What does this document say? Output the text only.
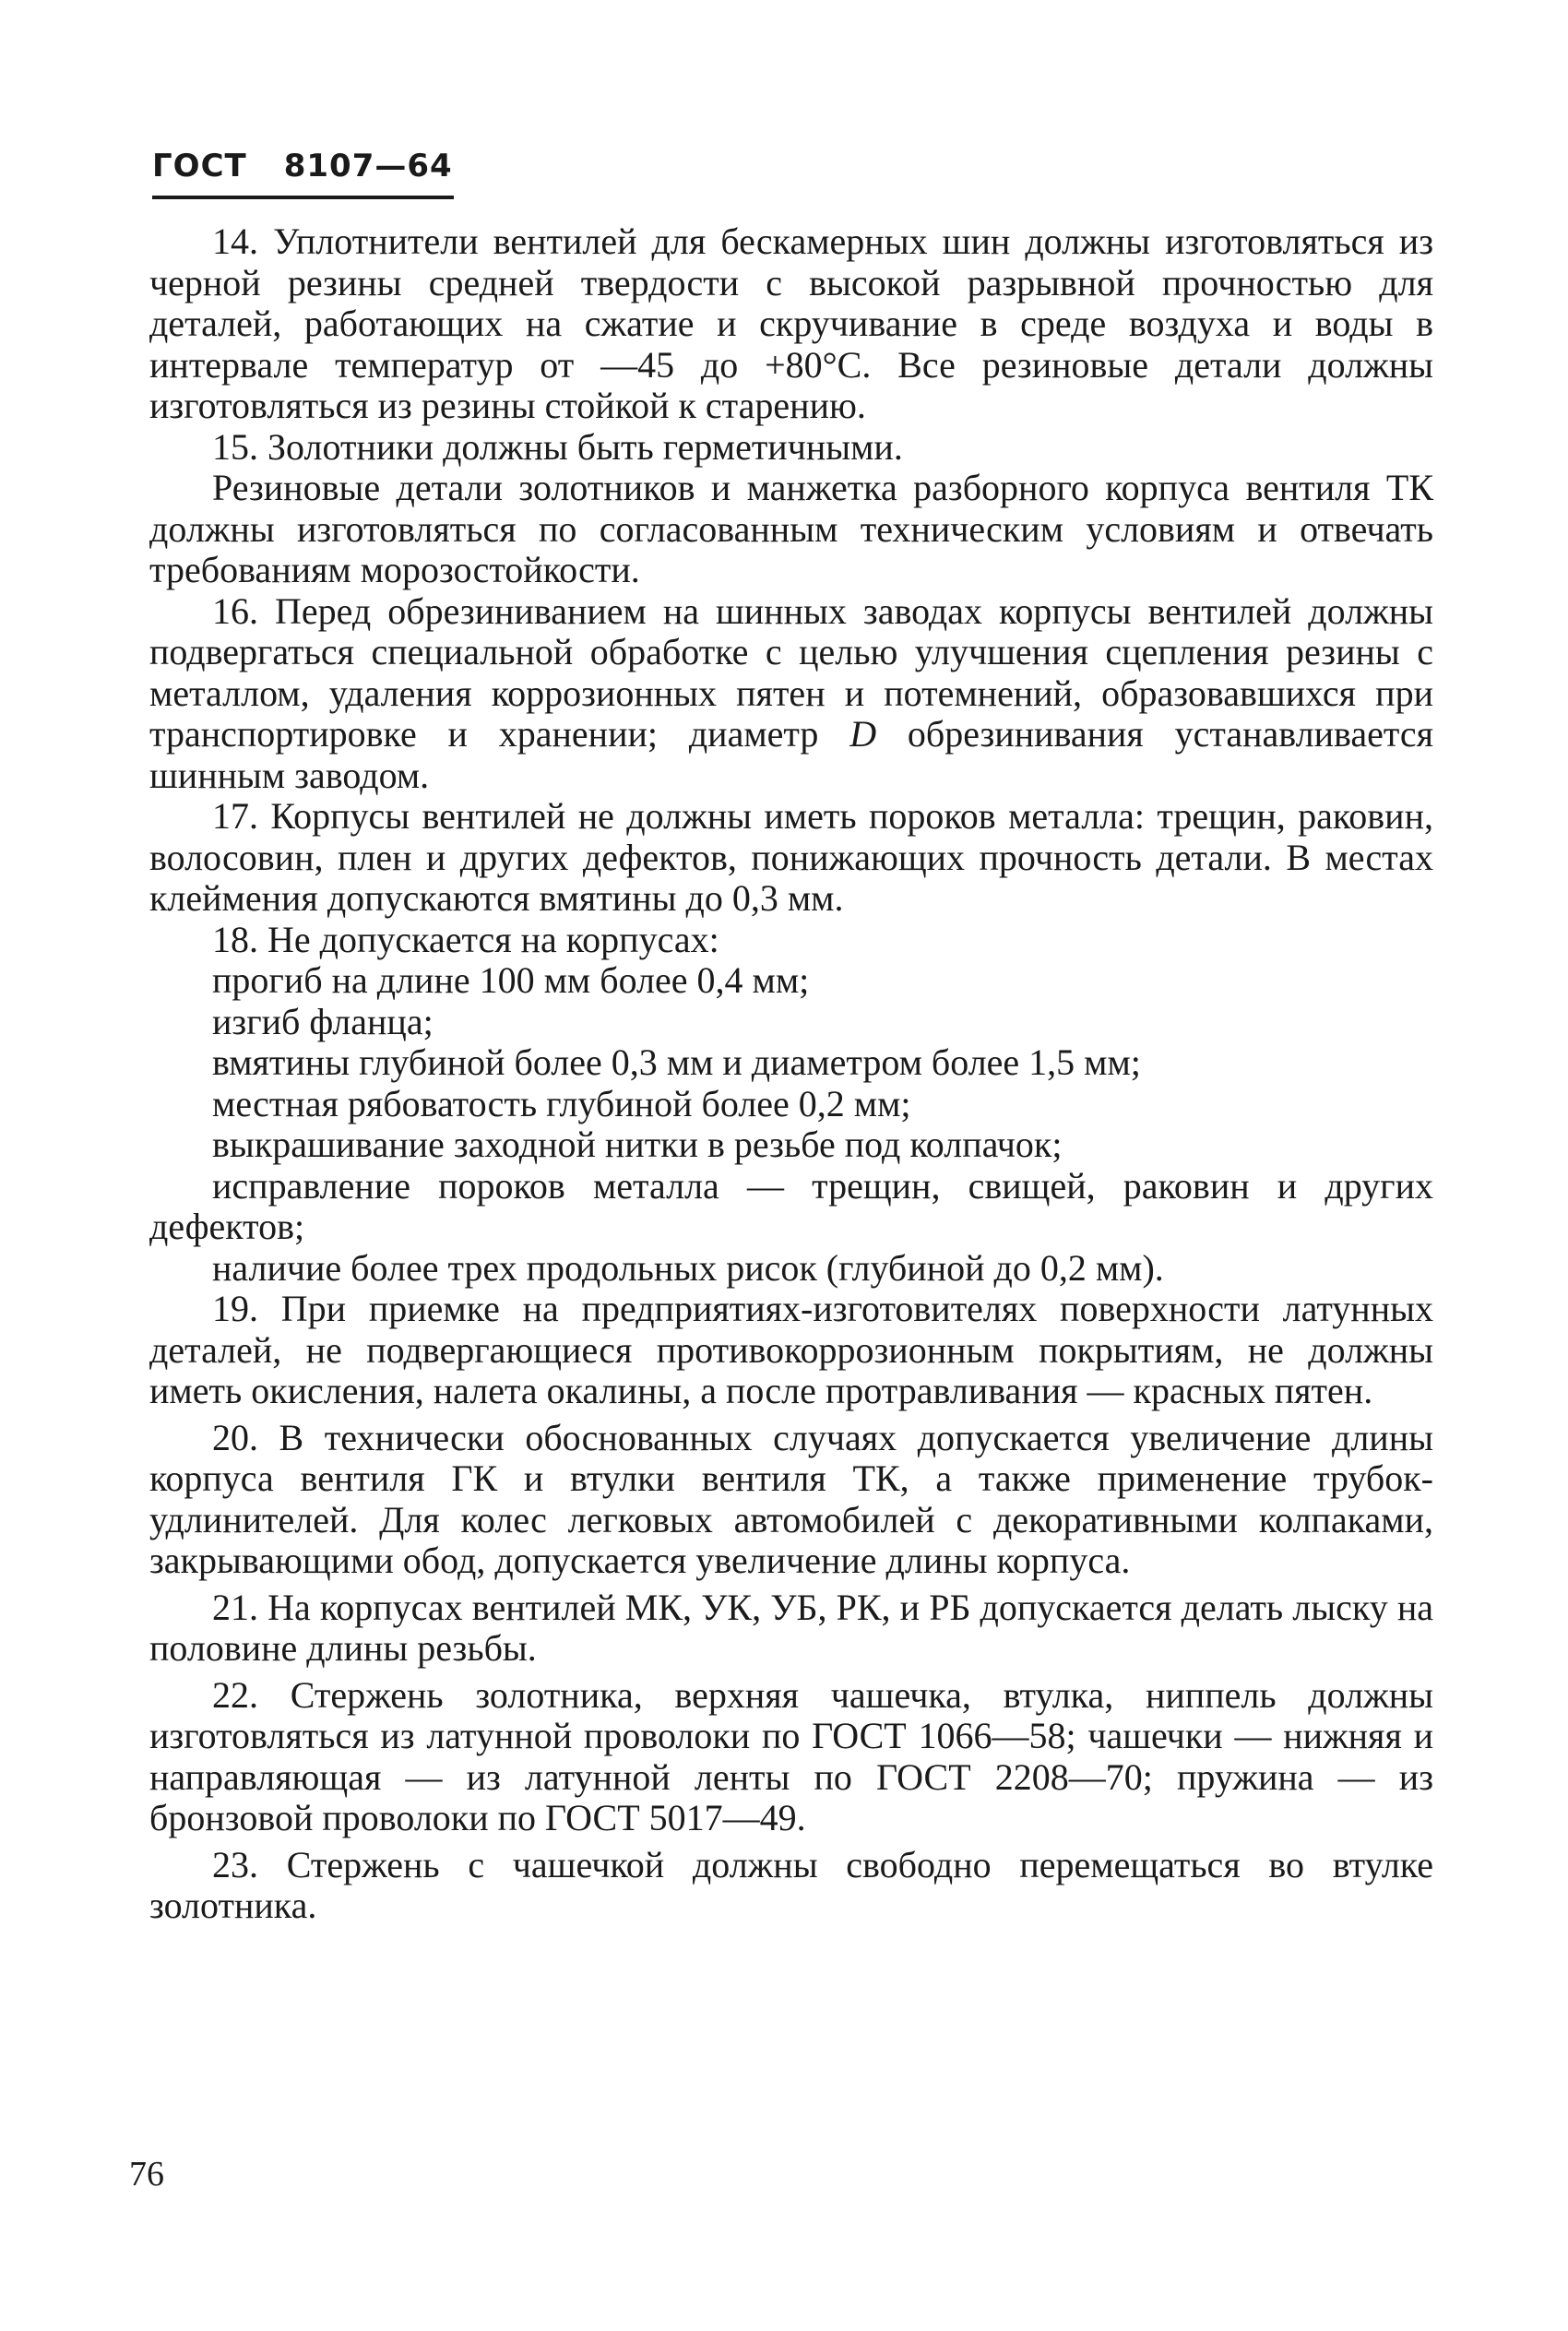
ГОСТ 8107—64

14. Уплотнители вентилей для бескамерных шин должны изготовляться из черной резины средней твердости с высокой разрывной прочностью для деталей, работающих на сжатие и скручивание в среде воздуха и воды в интервале температур от —45 до +80°С. Все резиновые детали должны изготовляться из резины стойкой к старению.

15. Золотники должны быть герметичными.

Резиновые детали золотников и манжетка разборного корпуса вентиля ТК должны изготовляться по согласованным техническим условиям и отвечать требованиям морозостойкости.

16. Перед обрезиниванием на шинных заводах корпусы вентилей должны подвергаться специальной обработке с целью улучшения сцепления резины с металлом, удаления коррозионных пятен и потемнений, образовавшихся при транспортировке и хранении; диаметр D обрезинивания устанавливается шинным заводом.

17. Корпусы вентилей не должны иметь пороков металла: трещин, раковин, волосовин, плен и других дефектов, понижающих прочность детали. В местах клеймения допускаются вмятины до 0,3 мм.

18. Не допускается на корпусах:

прогиб на длине 100 мм более 0,4 мм;

изгиб фланца;

вмятины глубиной более 0,3 мм и диаметром более 1,5 мм;

местная рябоватость глубиной более 0,2 мм;

выкрашивание заходной нитки в резьбе под колпачок;

исправление пороков металла — трещин, свищей, раковин и других дефектов;

наличие более трех продольных рисок (глубиной до 0,2 мм).

19. При приемке на предприятиях-изготовителях поверхности латунных деталей, не подвергающиеся противокоррозионным покрытиям, не должны иметь окисления, налета окалины, а после протравливания — красных пятен.

20. В технически обоснованных случаях допускается увеличение длины корпуса вентиля ГК и втулки вентиля ТК, а также применение трубок-удлинителей. Для колес легковых автомобилей с декоративными колпаками, закрывающими обод, допускается увеличение длины корпуса.

21. На корпусах вентилей МК, УК, УБ, РК, и РБ допускается делать лыску на половине длины резьбы.

22. Стержень золотника, верхняя чашечка, втулка, ниппель должны изготовляться из латунной проволоки по ГОСТ 1066—58; чашечки — нижняя и направляющая — из латунной ленты по ГОСТ 2208—70; пружина — из бронзовой проволоки по ГОСТ 5017—49.

23. Стержень с чашечкой должны свободно перемещаться во втулке золотника.

76
